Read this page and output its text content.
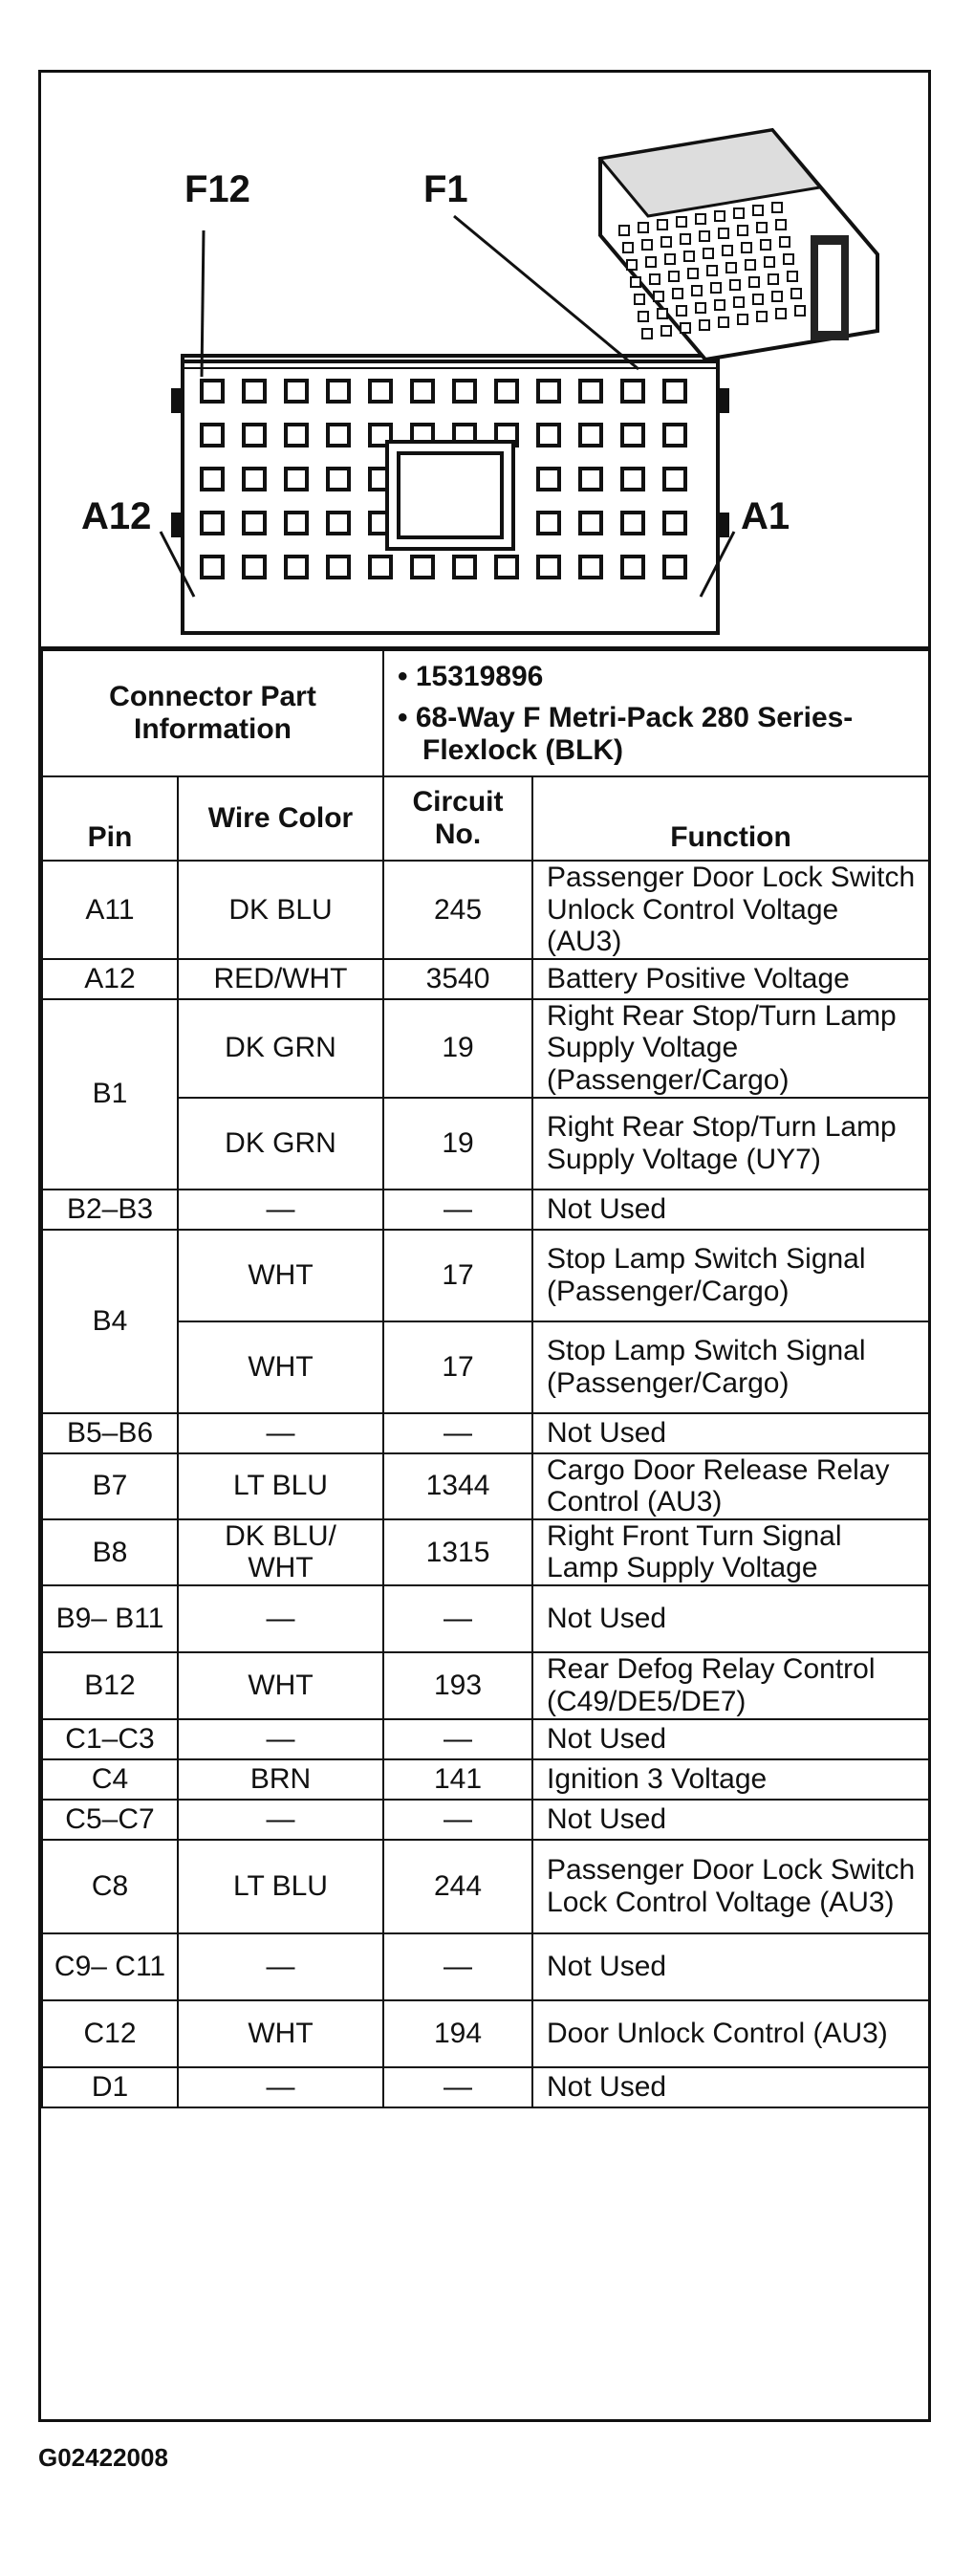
F12	F1
A12	A1
Connector Part Information		• 15319896
• 68-Way F Metri-Pack 280 Series- Flexlock (BLK)	

Pin	Wire Color	Circuit No.	Function
A11	DK BLU	245	Passenger Door Lock Switch Unlock Control Voltage (AU3)
A12	RED/WHT	3540	Battery Positive Voltage
B1	DK GRN	19	Right Rear Stop/Turn Lamp Supply Voltage (Passenger/Cargo)
	DK GRN	19	Right Rear Stop/Turn Lamp Supply Voltage (UY7)
B2–B3	—	—	Not Used
B4	WHT	17	Stop Lamp Switch Signal (Passenger/Cargo)
	WHT	17	Stop Lamp Switch Signal (Passenger/Cargo)
B5–B6	—	—	Not Used
B7	LT BLU	1344	Cargo Door Release Relay Control (AU3)
B8	DK BLU/ WHT	1315	Right Front Turn Signal Lamp Supply Voltage
B9– B11	—	—	Not Used
B12	WHT	193	Rear Defog Relay Control (C49/DE5/DE7)
C1–C3	—	—	Not Used
C4	BRN	141	Ignition 3 Voltage
C5–C7	—	—	Not Used
C8	LT BLU	244	Passenger Door Lock Switch Lock Control Voltage (AU3)
C9– C11	—	—	Not Used
C12	WHT	194	Door Unlock Control (AU3)
D1	—	—	Not Used
G02422008
